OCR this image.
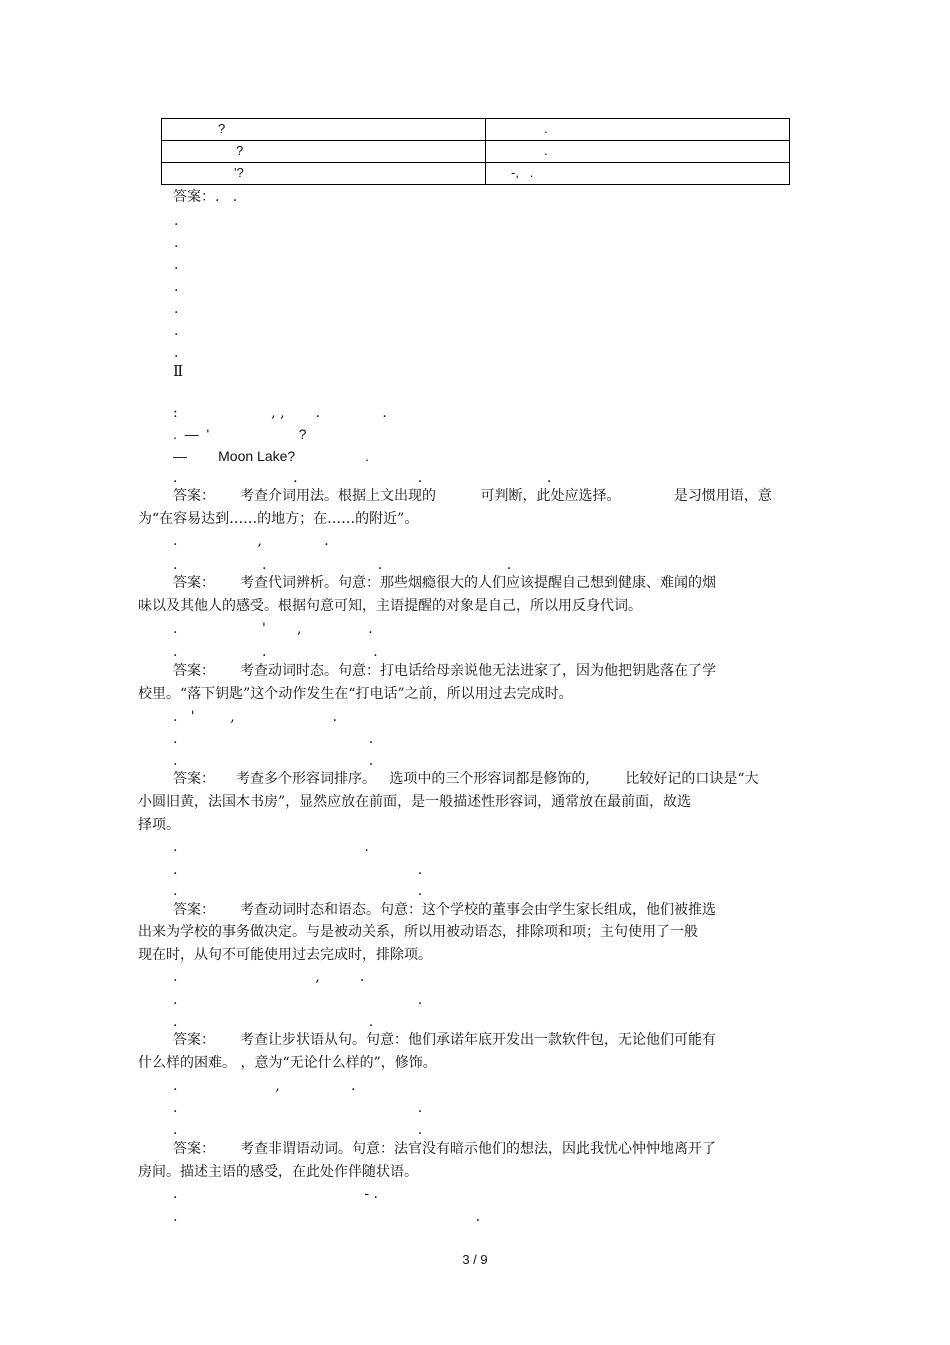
?	.

?	.

'?	-,   .
答案：.   .
.
.
.
.
.
.
.
Ⅱ
:                     , ,       .              .
.  —  '                       ?
—        Moon Lake?                  .
.                          .                           .                            .
答案： 考查介词用法。根据上文出现的          可判断，此处应选择。            是习惯用语，意
为“在容易达到……的地方；在……的附近”。
.                  ,              .
.                   .                         .                            .
答案： 考查代词辨析。句意：那些烟瘾很大的人们应该提醒自己想到健康、难闻的烟
味以及其他人的感受。根据句意可知，主语提醒的对象是自己，所以用反身代词。
.                   '       ,               .
.                   .                        .
答案： 考查动词时态。句意：打电话给母亲说他无法进家了，因为他把钥匙落在了学
校里。“落下钥匙”这个动作发生在“打电话”之前，所以用过去完成时。
.   '        ,                      .
.                                           .
.                                           .
答案： 考查多个形容词排序。   选项中的三个形容词都是修饰的,        比较好记的口诀是“大
小圆旧黄，法国木书房”，显然应放在前面，是一般描述性形容词，通常放在最前面，故选
择项。
.                                          .
.                                                      .
.                                                      .
答案： 考查动词时态和语态。句意：这个学校的董事会由学生家长组成，他们被推选
出来为学校的事务做决定。与是被动关系，所以用被动语态，排除项和项；主句使用了一般
现在时，从句不可能使用过去完成时，排除项。
.                               ,         .
.                                                      .
.                                           .
答案： 考查让步状语从句。句意：他们承诺年底开发出一款软件包，无论他们可能有
什么样的困难。 ，意为“无论什么样的”，修饰。
.                      ,                .
.                                                      .
.                                                      .
答案： 考查非谓语动词。句意：法官没有暗示他们的想法，因此我忧心忡忡地离开了
房间。描述主语的感受，在此处作伴随状语。
.                                          - .
.                                                                   .
3 / 9
